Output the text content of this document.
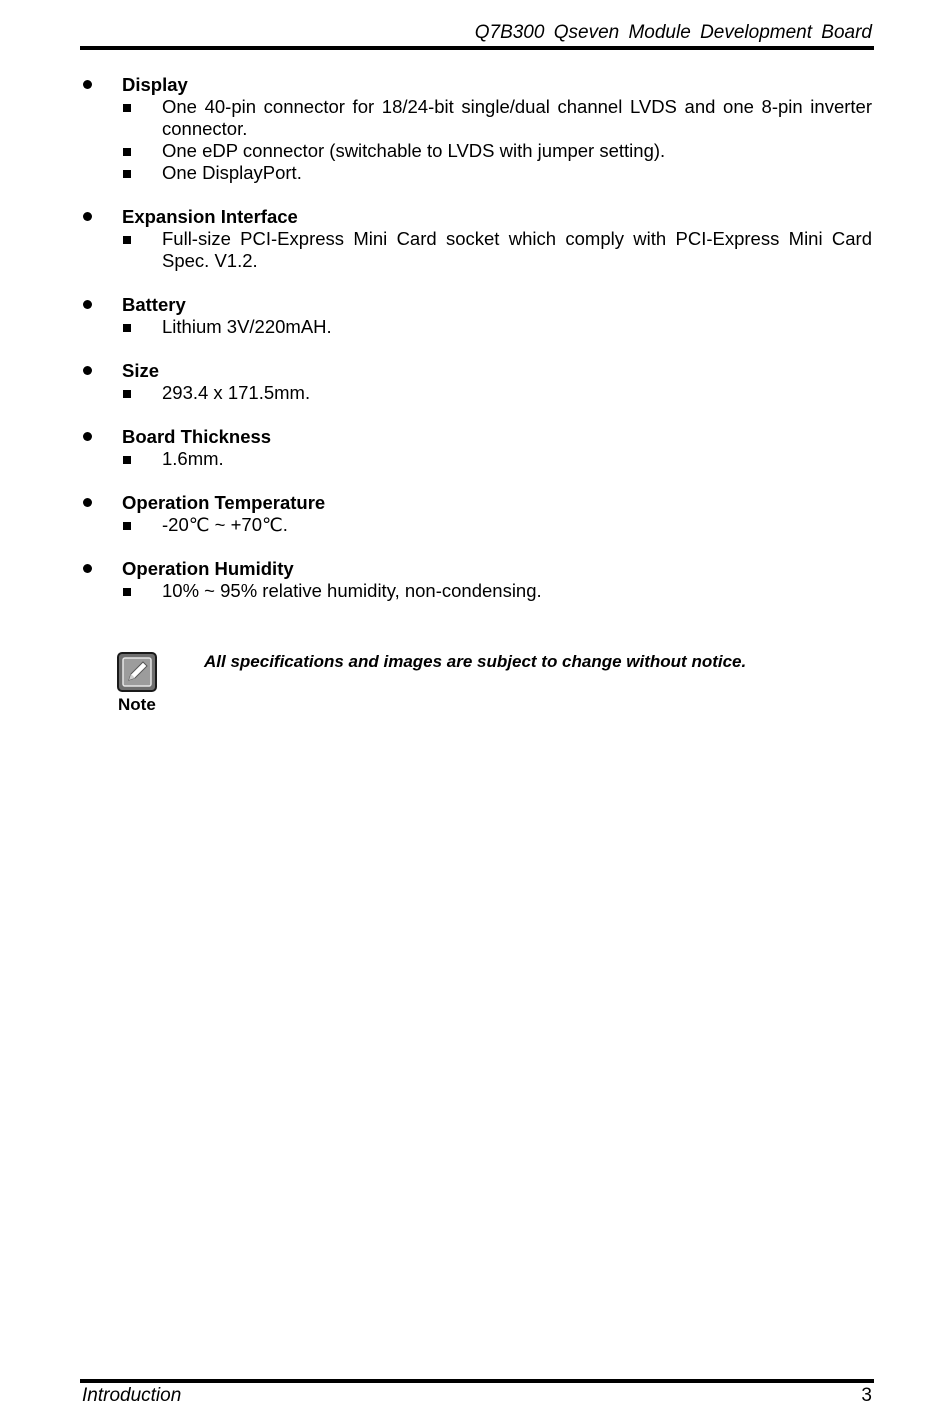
Q7B300 Qseven Module Development Board
Display
One 40-pin connector for 18/24-bit single/dual channel LVDS and one 8-pin inverter connector.
One eDP connector (switchable to LVDS with jumper setting).
One DisplayPort.
Expansion Interface
Full-size PCI-Express Mini Card socket which comply with PCI-Express Mini Card Spec. V1.2.
Battery
Lithium 3V/220mAH.
Size
293.4 x 171.5mm.
Board Thickness
1.6mm.
Operation Temperature
-20℃ ~ +70℃.
Operation Humidity
10% ~ 95% relative humidity, non-condensing.
Note
All specifications and images are subject to change without notice.
Introduction	3
